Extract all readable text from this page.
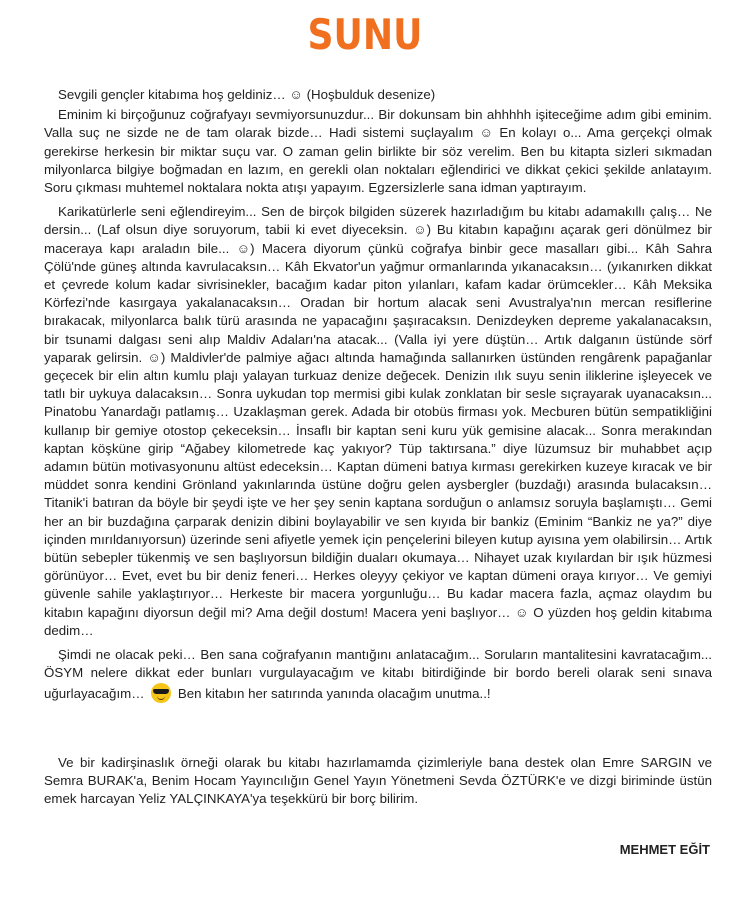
SUNU

Sevgili gençler kitabıma hoş geldiniz… ☺ (Hoşbulduk desenize)

Eminim ki birçoğunuz coğrafyayı sevmiyorsunuzdur... Bir dokunsam bin ahhhhh işiteceğime adım gibi eminim. Valla suç ne sizde ne de tam olarak bizde… Hadi sistemi suçlayalım ☺ En kolayı o... Ama gerçekçi olmak gerekirse herkesin bir miktar suçu var. O zaman gelin birlikte bir söz verelim. Ben bu kitapta sizleri sıkmadan milyonlarca bilgiye boğmadan en lazım, en gerekli olan noktaları eğlendirici ve dikkat çekici şekilde anlatayım. Soru çıkması muhtemel noktalara nokta atışı yapayım. Egzersizlerle sana idman yaptırayım.

Karikatürlerle seni eğlendireyim... Sen de birçok bilgiden süzerek hazırladığım bu kitabı adamakıllı çalış… Ne dersin... (Laf olsun diye soruyorum, tabii ki evet diyeceksin. ☺) Bu kitabın kapağını açarak geri dönülmez bir maceraya kapı araladın bile... ☺) Macera diyorum çünkü coğrafya binbir gece masalları gibi... Kâh Sahra Çölü'nde güneş altında kavrulacaksın… Kâh Ekvator'un yağmur ormanlarında yıkanacaksın… (yıkanırken dikkat et çevrede kolum kadar sivrisinekler, bacağım kadar piton yılanları, kafam kadar örümcekler… Kâh Meksika Körfezi'nde kasırgaya yakalanacaksın… Oradan bir hortum alacak seni Avustralya'nın mercan resiflerine bırakacak, milyonlarca balık türü arasında ne yapacağını şaşıracaksın. Denizdeyken depreme yakalanacaksın, bir tsunami dalgası seni alıp Maldiv Adaları'na atacak... (Valla iyi yere düştün… Artık dalganın üstünde sörf yaparak gelirsin. ☺) Maldivler'de palmiye ağacı altında hamağında sallanırken üstünden rengârenk papağanlar geçecek bir elin altın kumlu plajı yalayan turkuaz denize değecek. Denizin ılık suyu senin iliklerine işleyecek ve tatlı bir uykuya dalacaksın… Sonra uykudan top mermisi gibi kulak zonklatan bir sesle sıçrayarak uyanacaksın... Pinatobu Yanardağı patlamış… Uzaklaşman gerek. Adada bir otobüs firması yok. Mecburen bütün sempatikliğini kullanıp bir gemiye otostop çekeceksin… İnsaflı bir kaptan seni kuru yük gemisine alacak... Sonra merakından kaptan köşküne girip “Ağabey kilometrede kaç yakıyor? Tüp taktırsana.” diye lüzumsuz bir muhabbet açıp adamın bütün motivasyonunu altüst edeceksin… Kaptan dümeni batıya kırması gerekirken kuzeye kıracak ve bir müddet sonra kendini Grönland yakınlarında üstüne doğru gelen aysbergler (buzdağı) arasında bulacaksın… Titanik'i batıran da böyle bir şeydi işte ve her şey senin kaptana sorduğun o anlamsız soruyla başlamıştı… Gemi her an bir buzdağına çarparak denizin dibini boylayabilir ve sen kıyıda bir bankiz (Eminim “Bankiz ne ya?” diye içinden mırıldanıyorsun) üzerinde seni afiyetle yemek için pençelerini bileyen kutup ayısına yem olabilirsin… Artık bütün sebepler tükenmiş ve sen başlıyorsun bildiğin duaları okumaya… Nihayet uzak kıyılardan bir ışık hüzmesi görünüyor… Evet, evet bu bir deniz feneri… Herkes oleyyy çekiyor ve kaptan dümeni oraya kırıyor… Ve gemiyi güvenle sahile yaklaştırıyor… Herkeste bir macera yorgunluğu… Bu kadar macera fazla, açmaz olaydım bu kitabın kapağını diyorsun değil mi? Ama değil dostum! Macera yeni başlıyor… ☺ O yüzden hoş geldin kitabıma dedim…

Şimdi ne olacak peki… Ben sana coğrafyanın mantığını anlatacağım... Soruların mantalitesini kavratacağım... ÖSYM nelere dikkat eder bunları vurgulayacağım ve kitabı bitirdiğinde bir bordo bereli olarak seni sınava uğurlayacağım…	Ben kitabın her satırında yanında olacağım unutma..!

Ve bir kadirşinaslık örneği olarak bu kitabı hazırlamamda çizimleriyle bana destek olan Emre SARGIN ve Semra BURAK'a, Benim Hocam Yayıncılığın Genel Yayın Yönetmeni Sevda ÖZTÜRK'e ve dizgi biriminde üstün emek harcayan Yeliz YALÇINKAYA'ya teşekkürü bir borç bilirim.

MEHMET EĞİT
